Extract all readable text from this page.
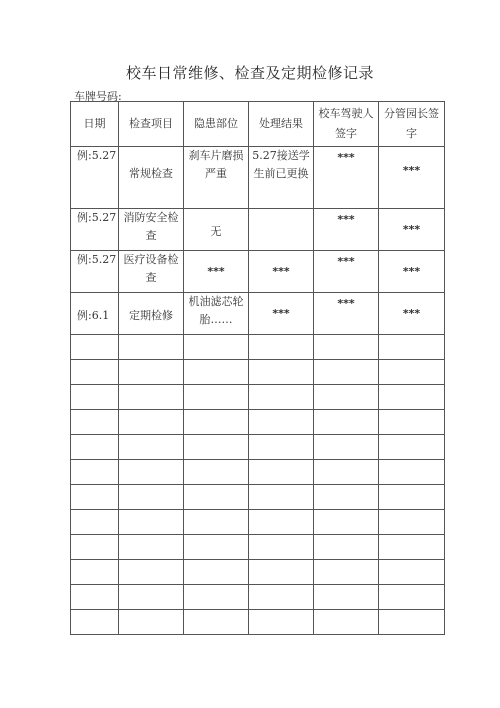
校车日常维修、检查及定期检修记录
车牌号码:
日期	检查项目	隐患部位	处理结果	校车驾驶人签字	分管园长签字
例:5.27	常规检查	刹车片磨损严重	5.27接送学生前已更换	***	***

例:5.27	消防安全检查	无		***	***

例:5.27	医疗设备检查	***	***	***	***

例:6.1	定期检修	机油滤芯轮胎……	***	***	***
